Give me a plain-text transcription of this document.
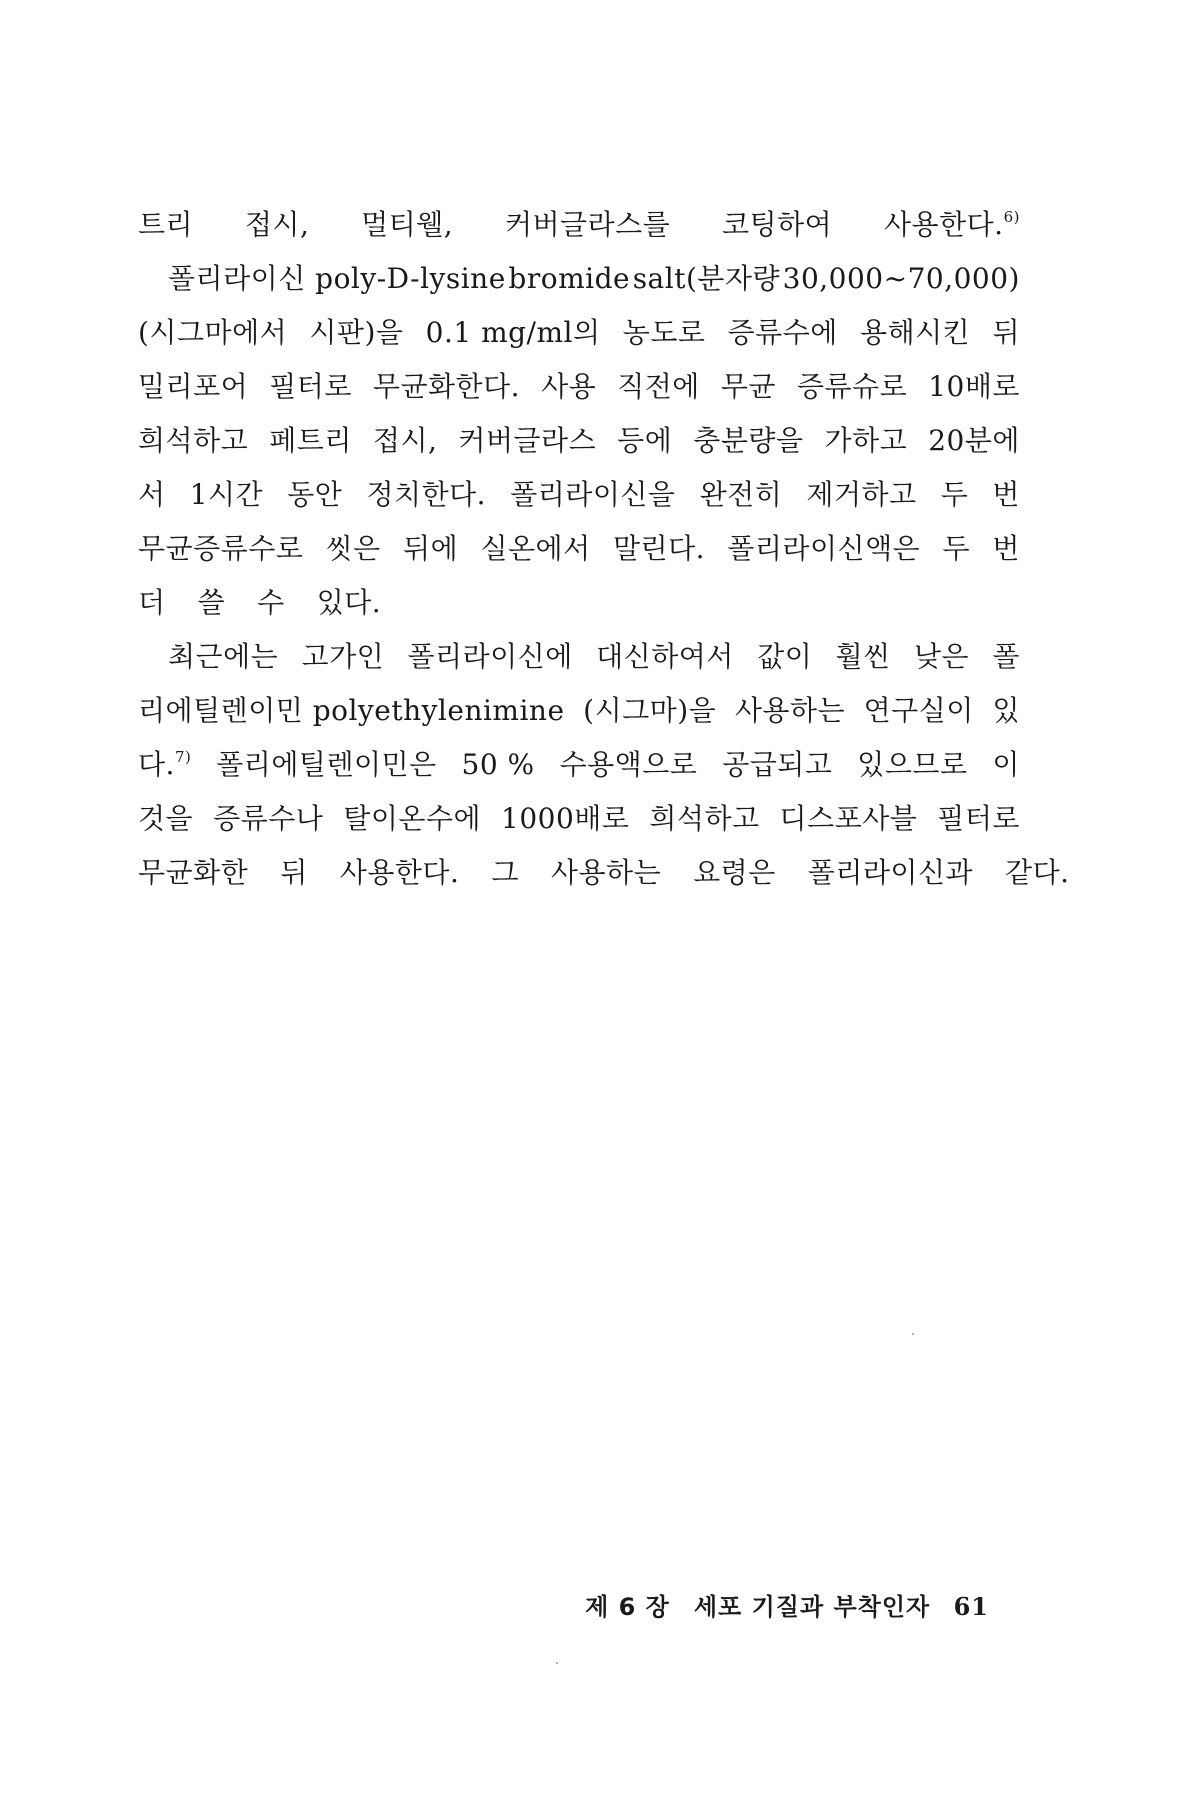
트리 접시, 멀티웰, 커버글라스를 코팅하여 사용한다.$^{6)}$
폴리라이신 poly-D-lysine bromide salt(분자량 30,000~70,000)
(시그마에서 시판)을 0.1 mg/ml의 농도로 증류수에 용해시킨 뒤
밀리포어 필터로 무균화한다. 사용 직전에 무균 증류슈로 10배로
희석하고 페트리 접시, 커버글라스 등에 충분량을 가하고 20분에
서 1시간 동안 정치한다. 폴리라이신을 완전히 제거하고 두 번
무균증류수로 씻은 뒤에 실온에서 말린다. 폴리라이신액은 두 번
더	쓸	수	있다.
최근에는 고가인 폴리라이신에 대신하여서 값이 훨씬 낮은 폴
리에틸렌이민 polyethylenimine (시그마)을 사용하는 연구실이 있
다.$^{7)}$ 폴리에틸렌이민은 50 % 수용액으로 공급되고 있으므로 이
것을 증류수나 탈이온수에 1000배로 희석하고 디스포사블 필터로
무균화한	뒤	사용한다.	그	사용하는	요령은	폴리라이신과	같다.
제 6 장 세포 기질과 부착인자 61
